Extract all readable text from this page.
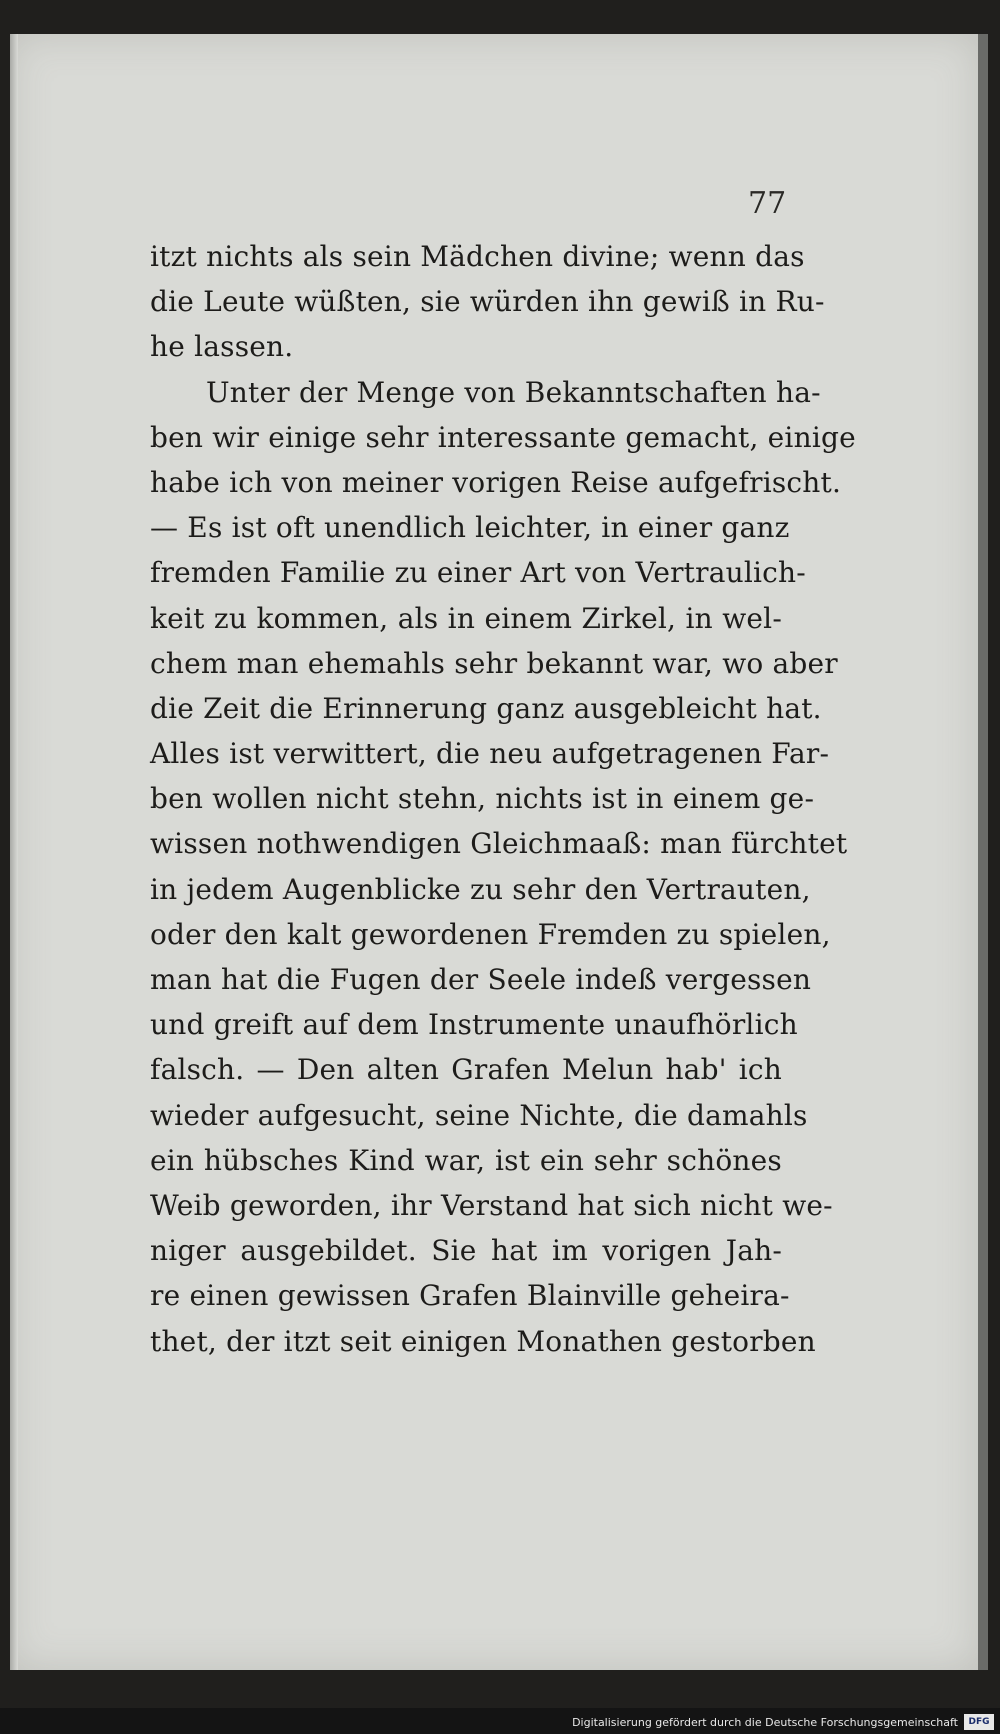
77
itzt nichts als sein Mädchen divine; wenn das
die Leute wüßten, sie würden ihn gewiß in Ru-
he lassen.
Unter der Menge von Bekanntschaften ha-
ben wir einige sehr interessante gemacht, einige
habe ich von meiner vorigen Reise aufgefrischt.
— Es ist oft unendlich leichter, in einer ganz
fremden Familie zu einer Art von Vertraulich-
keit zu kommen, als in einem Zirkel, in wel-
chem man ehemahls sehr bekannt war, wo aber
die Zeit die Erinnerung ganz ausgebleicht hat.
Alles ist verwittert, die neu aufgetragenen Far-
ben wollen nicht stehn, nichts ist in einem ge-
wissen nothwendigen Gleichmaaß: man fürchtet
in jedem Augenblicke zu sehr den Vertrauten,
oder den kalt gewordenen Fremden zu spielen,
man hat die Fugen der Seele indeß vergessen
und greift auf dem Instrumente unaufhörlich
falsch. — Den alten Grafen Melun hab' ich
wieder aufgesucht, seine Nichte, die damahls
ein hübsches Kind war, ist ein sehr schönes
Weib geworden, ihr Verstand hat sich nicht we-
niger ausgebildet. Sie hat im vorigen Jah-
re einen gewissen Grafen Blainville geheira-
thet, der itzt seit einigen Monathen gestorben
Digitalisierung gefördert durch die Deutsche Forschungsgemeinschaft	DFG
